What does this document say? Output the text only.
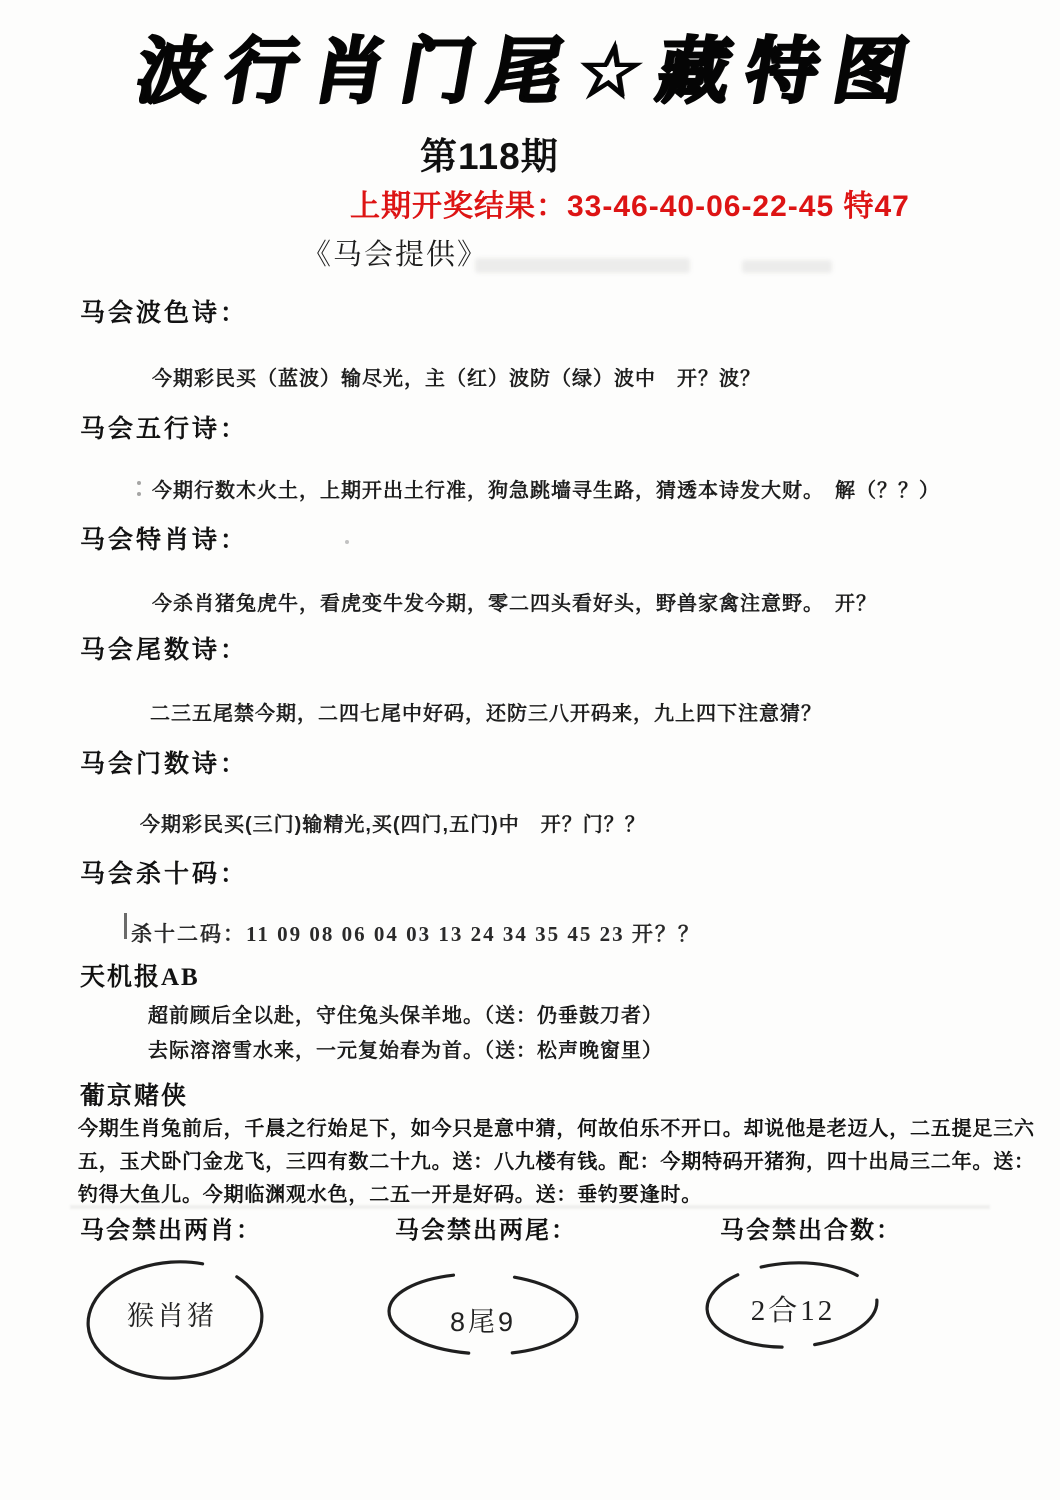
波行肖门尾☆藏特图
第118期
上期开奖结果：33-46-40-06-22-45 特47
《马会提供》
马会波色诗：
今期彩民买（蓝波）输尽光，主（红）波防（绿）波中　开？波？
马会五行诗：
今期行数木火土，上期开出土行准，狗急跳墙寻生路，猜透本诗发大财。　解（？？）
马会特肖诗：
今杀肖猪兔虎牛，看虎变牛发今期，零二四头看好头，野兽家禽注意野。　开？
马会尾数诗：
二三五尾禁今期，二四七尾中好码，还防三八开码来，九上四下注意猜？
马会门数诗：
今期彩民买(三门)输精光,买(四门,五门)中　开？门？？
马会杀十码：
杀十二码：11 09 08 06 04 03 13 24 34 35 45 23 开？？
天机报AB
超前顾后全以赴，守住兔头保羊地。（送：仍垂鼓刀者）
去际溶溶雪水来，一元复始春为首。（送：松声晚窗里）
葡京赌侠
今期生肖兔前后，千晨之行始足下，如今只是意中猜，何故伯乐不开口。却说他是老迈人，二五提足三六
五，玉犬卧门金龙飞，三四有数二十九。送：八九楼有钱。配：今期特码开猪狗，四十出局三二年。送：
钓得大鱼儿。今期临渊观水色，二五一开是好码。送：垂钓要逢时。
马会禁出两肖：	马会禁出两尾：	马会禁出合数：
猴肖猪	8尾9	2合12
